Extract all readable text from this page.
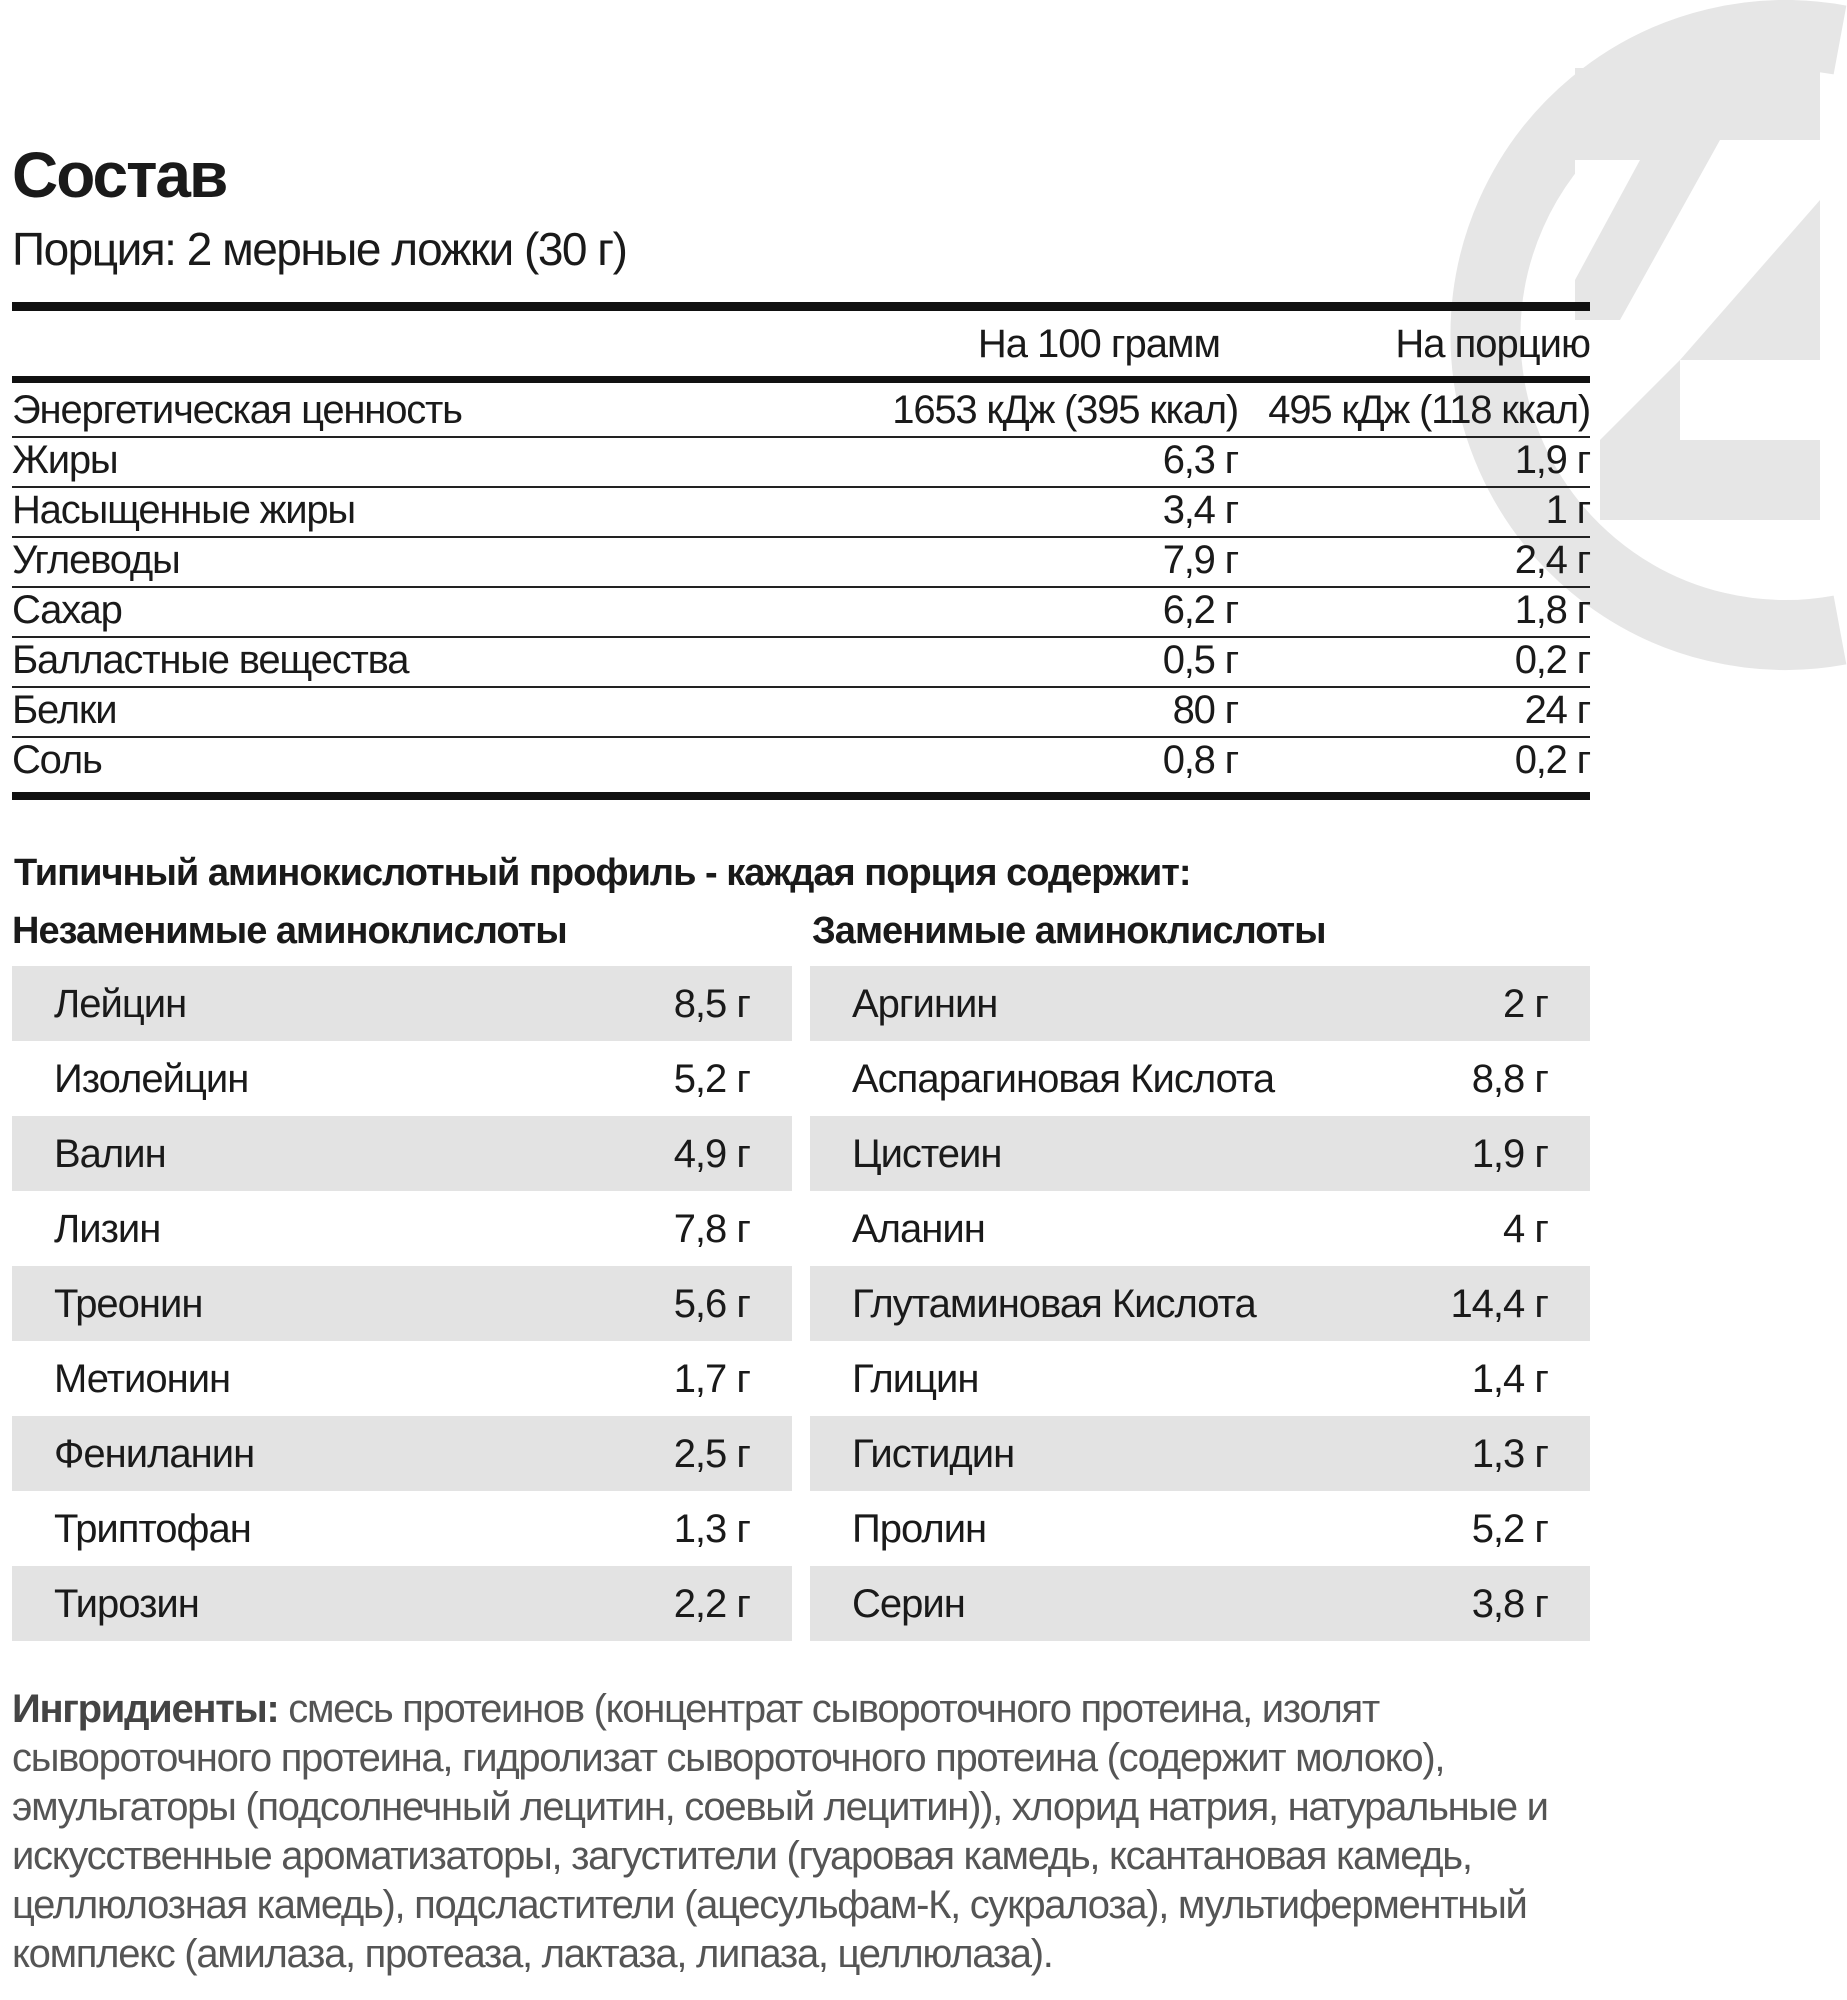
Состав
Порция: 2 мерные ложки (30 г)
На 100 грамм	На порцию
Энергетическая ценность	1653 кДж (395 ккал) 495 кДж (118 ккал)
Жиры	6,3 г	1,9 г
Насыщенные жиры	3,4 г	1 г
Углеводы	7,9 г	2,4 г
Сахар	6,2 г	1,8 г
Балластные вещества	0,5 г	0,2 г
Белки	80 г	24 г
Соль	0,8 г	0,2 г
Типичный аминокислотный профиль - каждая порция содержит:
Незаменимые аминоклислоты	Заменимые аминоклислоты
Лейцин	8,5 г
Изолейцин	5,2 г
Валин	4,9 г
Лизин	7,8 г
Треонин	5,6 г
Метионин	1,7 г
Фениланин	2,5 г
Триптофан	1,3 г
Тирозин	2,2 г
Аргинин	2 г
Аспарагиновая Кислота	8,8 г
Цистеин	1,9 г
Аланин	4 г
Глутаминовая Кислота	14,4 г
Глицин	1,4 г
Гистидин	1,3 г
Пролин	5,2 г
Серин	3,8 г
Ингридиенты: смесь протеинов (концентрат сывороточного протеина, изолят сывороточного протеина, гидролизат сывороточного протеина (содержит молоко), эмульгаторы (подсолнечный лецитин, соевый лецитин)), хлорид натрия, натуральные и искусственные ароматизаторы, загустители (гуаровая камедь, ксантановая камедь, целлюлозная камедь), подсластители (ацесульфам-К, сукралоза), мультиферментный комплекс (амилаза, протеаза, лактаза, липаза, целлюлаза).
